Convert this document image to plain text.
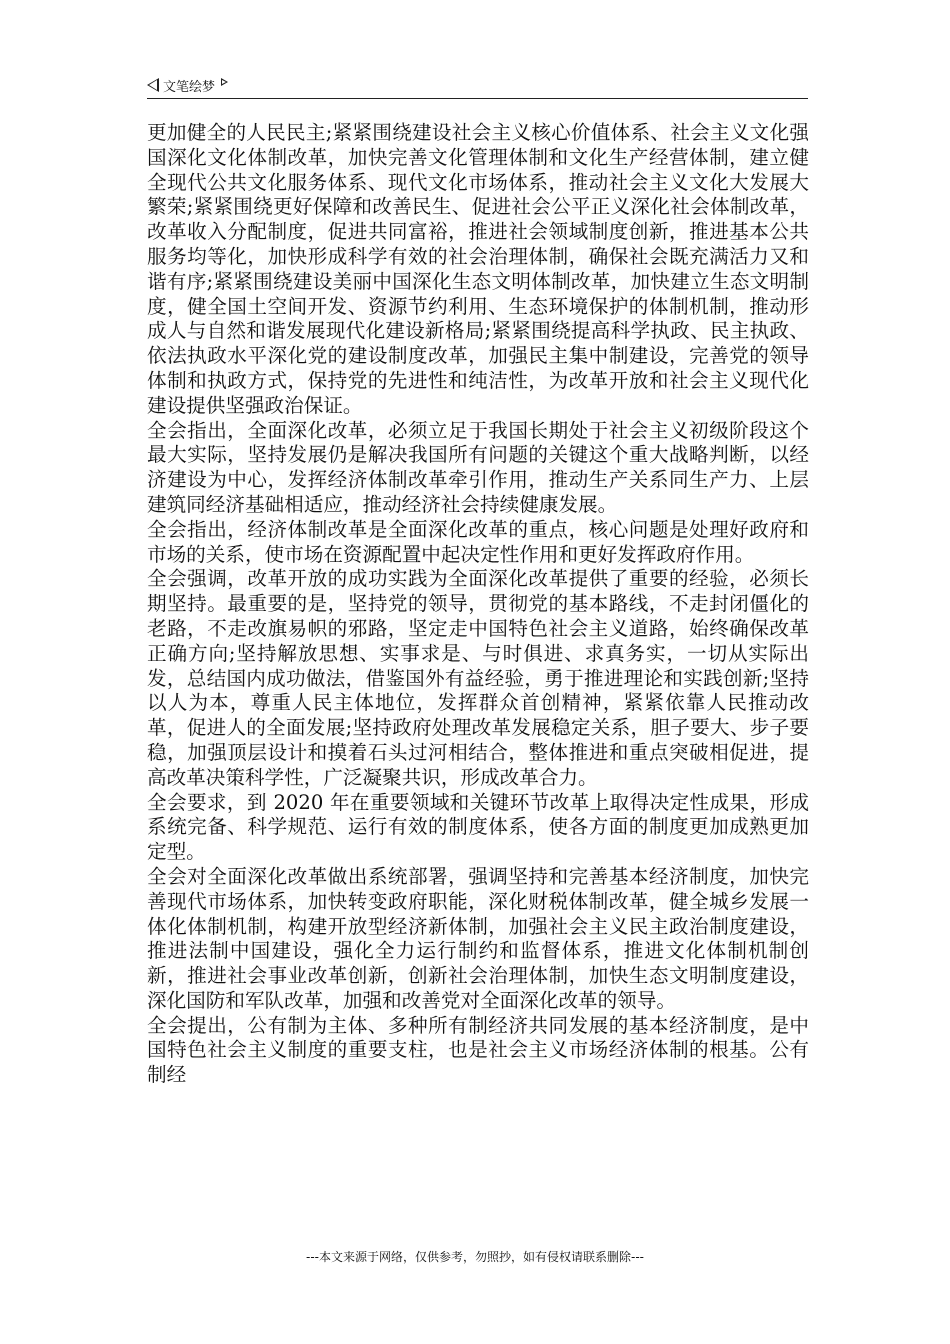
文笔绘梦

更加健全的人民民主;紧紧围绕建设社会主义核心价值体系、社会主义文化强国深化文化体制改革，加快完善文化管理体制和文化生产经营体制，建立健全现代公共文化服务体系、现代文化市场体系，推动社会主义文化大发展大繁荣;紧紧围绕更好保障和改善民生、促进社会公平正义深化社会体制改革，改革收入分配制度，促进共同富裕，推进社会领域制度创新，推进基本公共服务均等化，加快形成科学有效的社会治理体制，确保社会既充满活力又和谐有序;紧紧围绕建设美丽中国深化生态文明体制改革，加快建立生态文明制度，健全国土空间开发、资源节约利用、生态环境保护的体制机制，推动形成人与自然和谐发展现代化建设新格局;紧紧围绕提高科学执政、民主执政、依法执政水平深化党的建设制度改革，加强民主集中制建设，完善党的领导体制和执政方式，保持党的先进性和纯洁性，为改革开放和社会主义现代化建设提供坚强政治保证。

全会指出，全面深化改革，必须立足于我国长期处于社会主义初级阶段这个最大实际，坚持发展仍是解决我国所有问题的关键这个重大战略判断，以经济建设为中心，发挥经济体制改革牵引作用，推动生产关系同生产力、上层建筑同经济基础相适应，推动经济社会持续健康发展。

全会指出，经济体制改革是全面深化改革的重点，核心问题是处理好政府和市场的关系，使市场在资源配置中起决定性作用和更好发挥政府作用。

全会强调，改革开放的成功实践为全面深化改革提供了重要的经验，必须长期坚持。最重要的是，坚持党的领导，贯彻党的基本路线，不走封闭僵化的老路，不走改旗易帜的邪路，坚定走中国特色社会主义道路，始终确保改革正确方向;坚持解放思想、实事求是、与时俱进、求真务实，一切从实际出发，总结国内成功做法，借鉴国外有益经验，勇于推进理论和实践创新;坚持以人为本，尊重人民主体地位，发挥群众首创精神，紧紧依靠人民推动改革，促进人的全面发展;坚持政府处理改革发展稳定关系，胆子要大、步子要稳，加强顶层设计和摸着石头过河相结合，整体推进和重点突破相促进，提高改革决策科学性，广泛凝聚共识，形成改革合力。

全会要求，到 2020 年在重要领域和关键环节改革上取得决定性成果，形成系统完备、科学规范、运行有效的制度体系，使各方面的制度更加成熟更加定型。

全会对全面深化改革做出系统部署，强调坚持和完善基本经济制度，加快完善现代市场体系，加快转变政府职能，深化财税体制改革，健全城乡发展一体化体制机制，构建开放型经济新体制，加强社会主义民主政治制度建设，推进法制中国建设，强化全力运行制约和监督体系，推进文化体制机制创新，推进社会事业改革创新，创新社会治理体制，加快生态文明制度建设，深化国防和军队改革，加强和改善党对全面深化改革的领导。

全会提出，公有制为主体、多种所有制经济共同发展的基本经济制度，是中国特色社会主义制度的重要支柱，也是社会主义市场经济体制的根基。公有制经

---本文来源于网络，仅供参考，勿照抄，如有侵权请联系删除---
